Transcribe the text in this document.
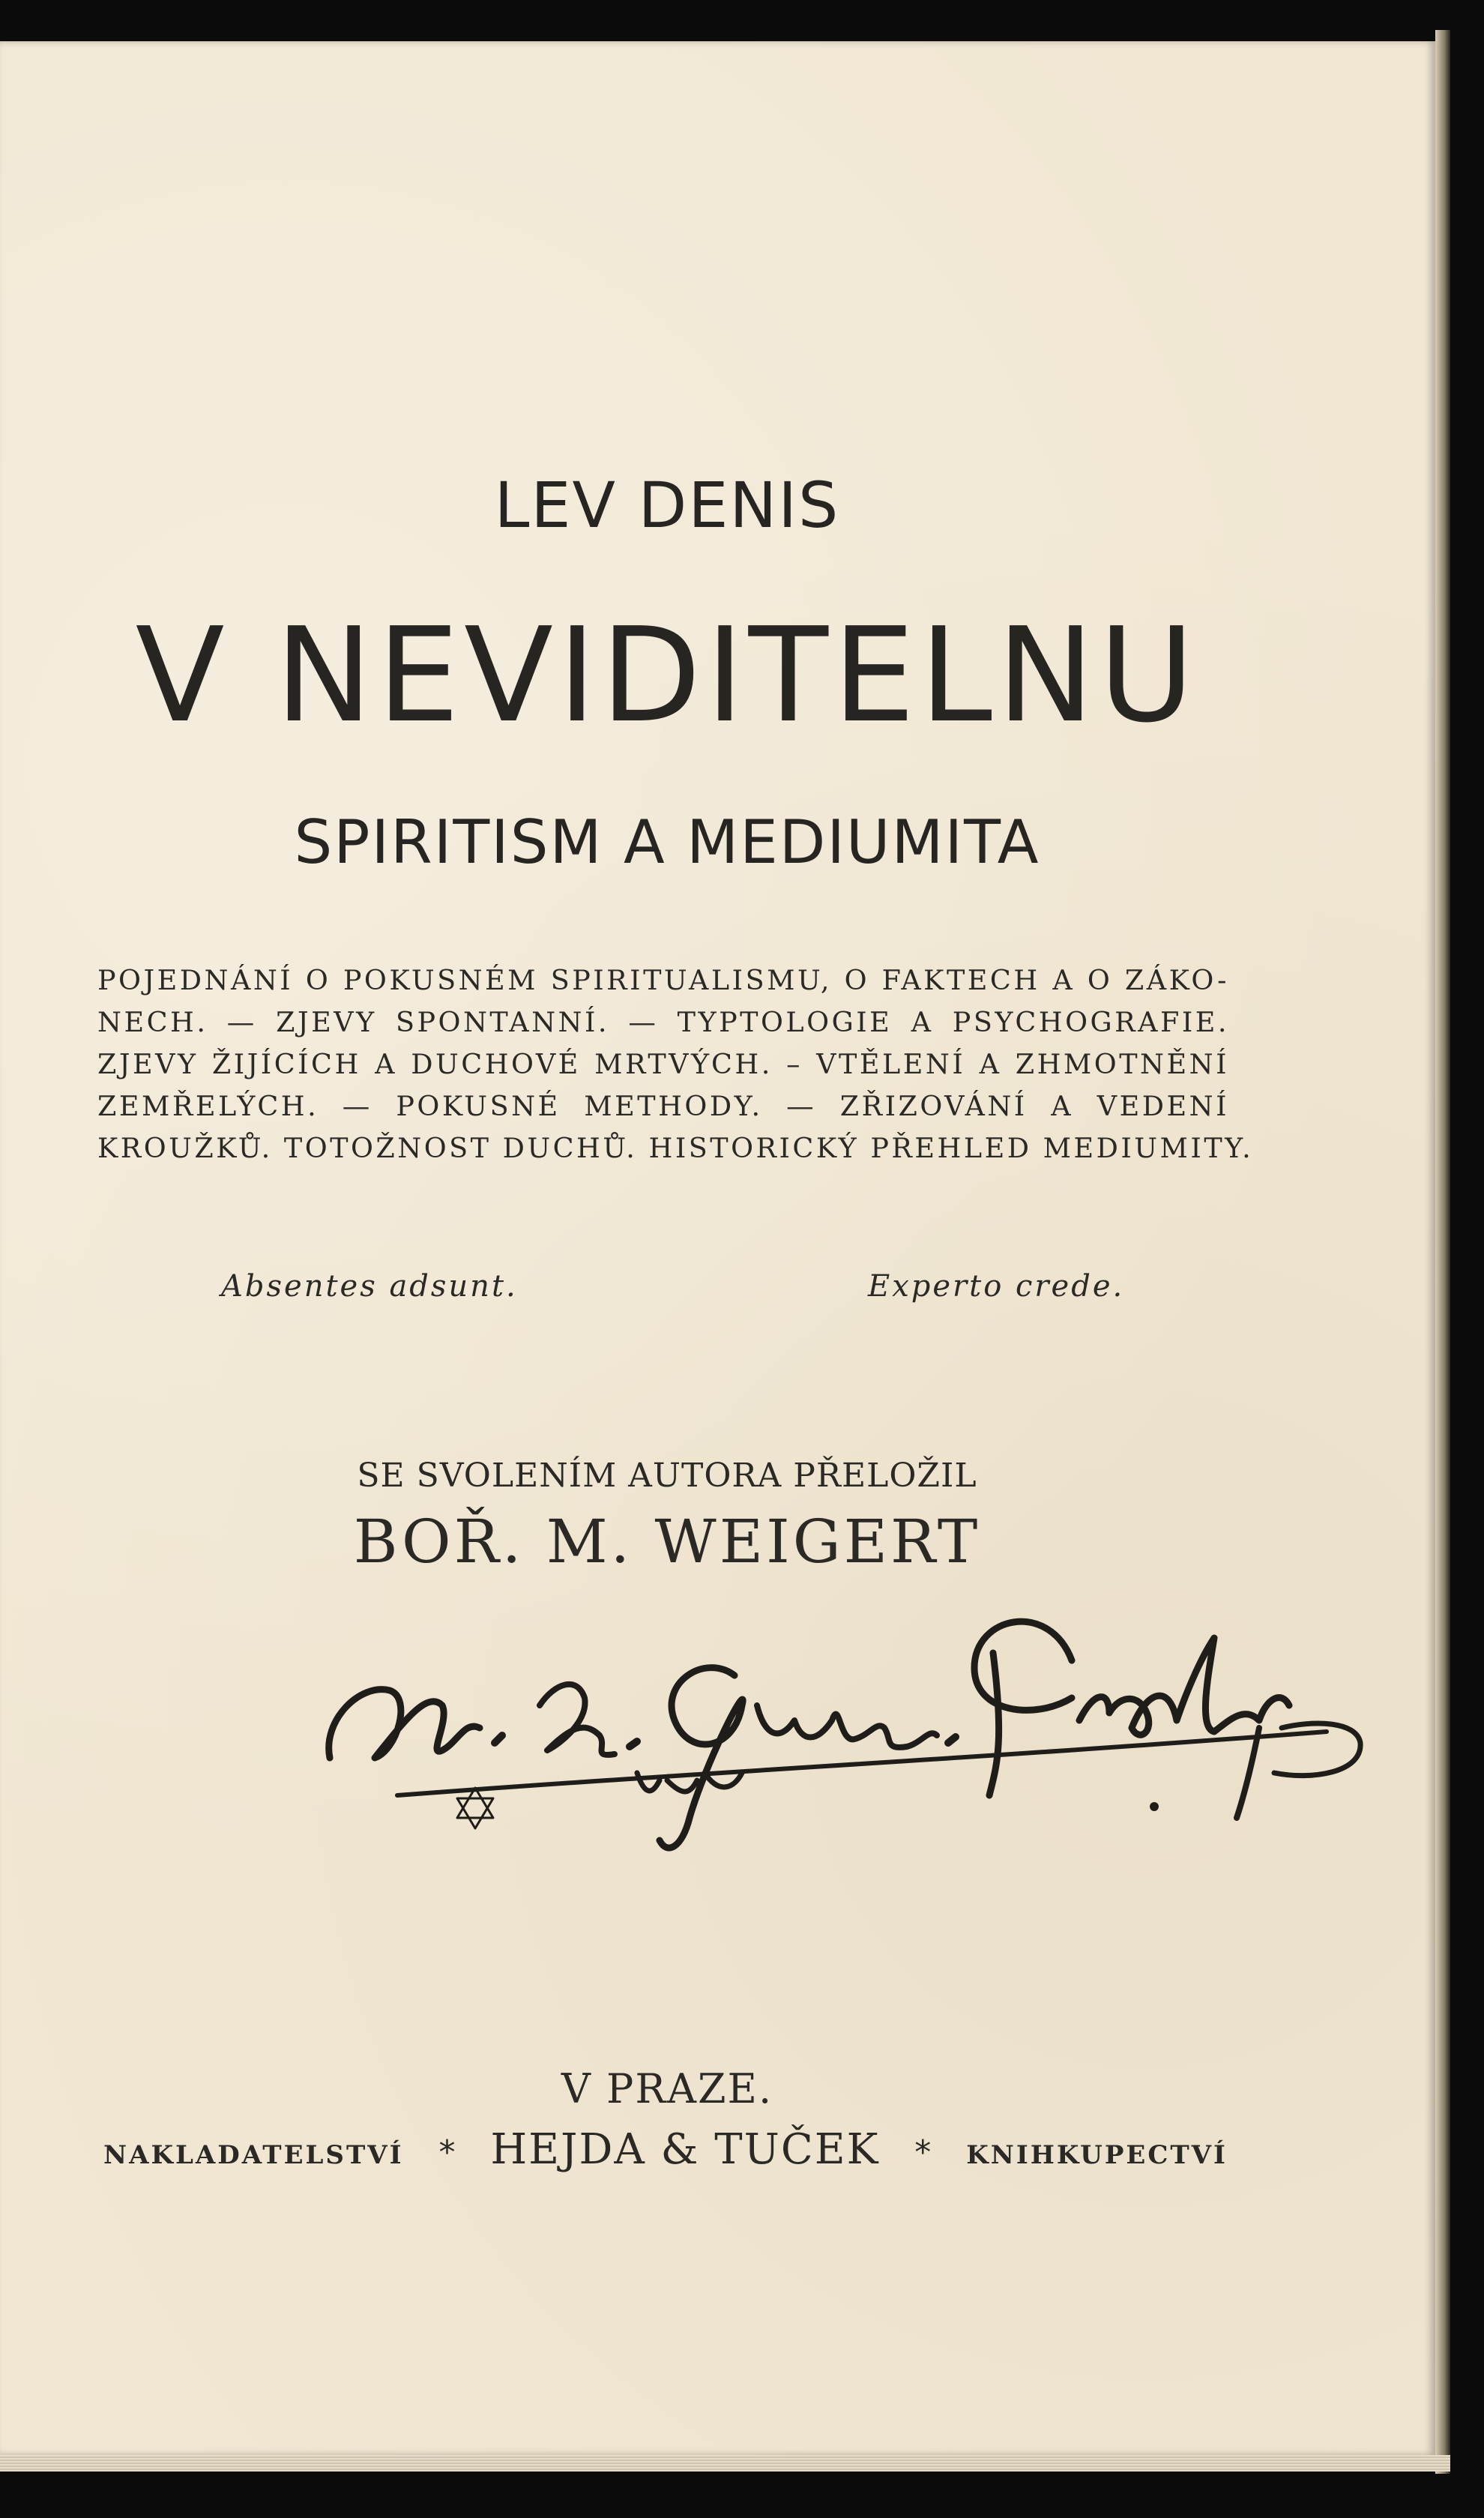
LEV DENIS
V NEVIDITELNU
SPIRITISM A MEDIUMITA
POJEDNÁNÍ O POKUSNÉM SPIRITUALISMU, O FAKTECH A O ZÁKO-
NECH. — ZJEVY SPONTANNÍ. — TYPTOLOGIE A PSYCHOGRAFIE.
ZJEVY ŽIJÍCÍCH A DUCHOVÉ MRTVÝCH. – VTĚLENÍ A ZHMOTNĚNÍ
ZEMŘELÝCH. — POKUSNÉ METHODY. — ZŘIZOVÁNÍ A VEDENÍ
KROUŽKŮ. TOTOŽNOST DUCHŮ. HISTORICKÝ PŘEHLED MEDIUMITY.
Absentes adsunt.	Experto crede.
SE SVOLENÍM AUTORA PŘELOŽIL
BOŘ. M. WEIGERT
V PRAZE.
NAKLADATELSTVÍ * HEJDA & TUČEK * KNIHKUPECTVÍ
